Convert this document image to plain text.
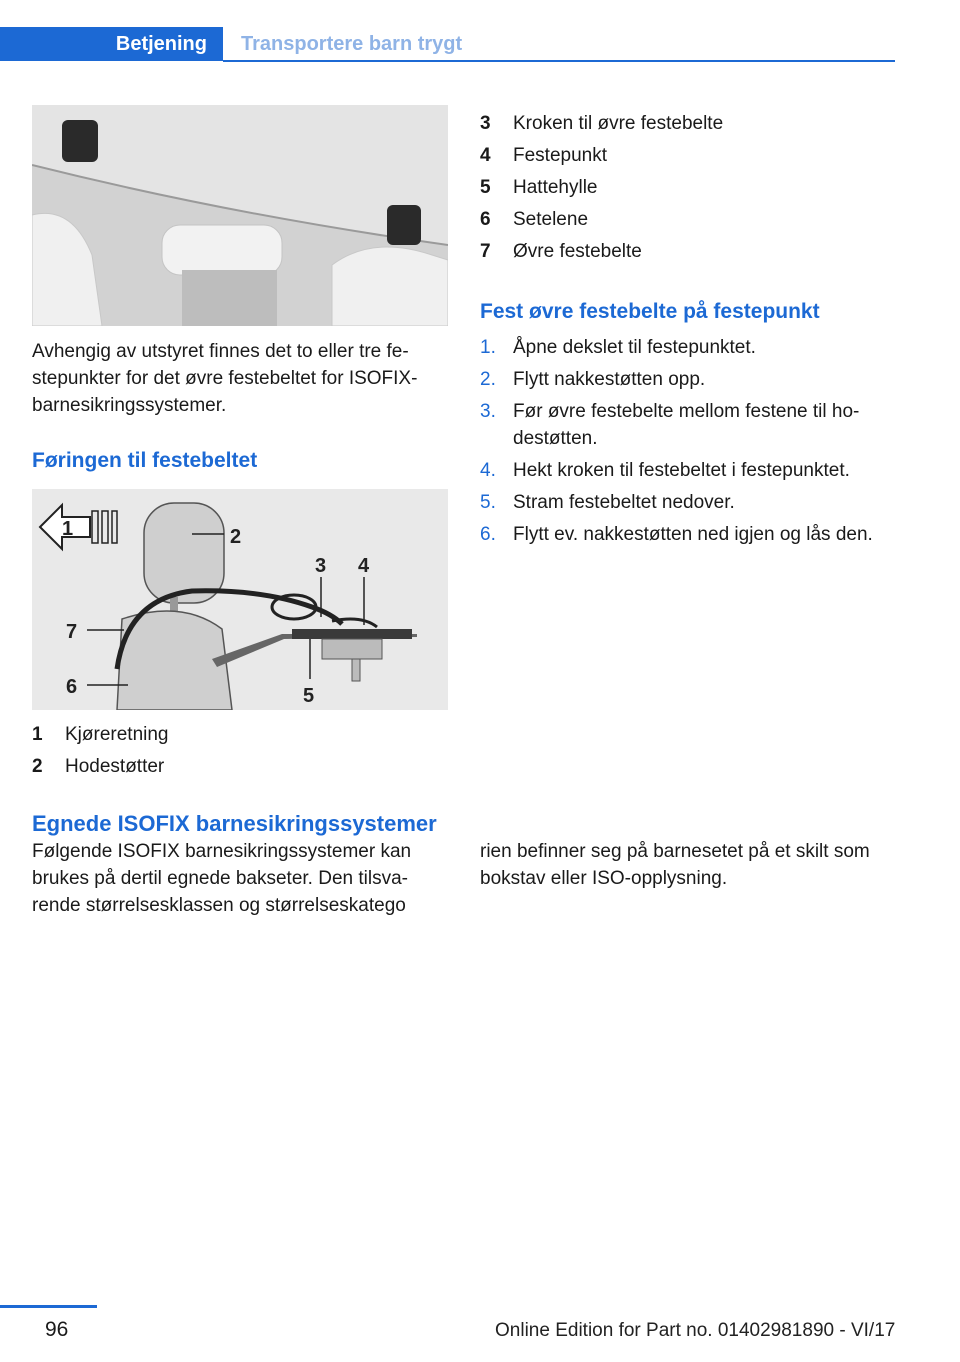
Betjening	Transportere barn trygt

Avhengig av utstyret finnes det to eller tre festepunkter for det øvre festebeltet for ISOFIX-barnesikringssystemer.

Føringen til festebeltet
1	2
3 4
5
6
7
1	Kjøreretning
2	Hodestøtter
3	Kroken til øvre festebelte
4	Festepunkt
5	Hattehylle
6	Setelene
7	Øvre festebelte
Fest øvre festebelte på festepunkt
1. Åpne dekslet til festepunktet.
2. Flytt nakkestøtten opp.
3. Før øvre festebelte mellom festene til hodestøtten.
4. Hekt kroken til festebeltet i festepunktet.
5. Stram festebeltet nedover.
6. Flytt ev. nakkestøtten ned igjen og lås den.
Egnede ISOFIX barnesikringssystemer

Følgende ISOFIX barnesikringssystemer kan brukes på dertil egnede bakseter. Den tilsvarende størrelsesklassen og størrelseskatego

rien befinner seg på barnesetet på et skilt som bokstav eller ISO-opplysning.

96	Online Edition for Part no. 01402981890 - VI/17
